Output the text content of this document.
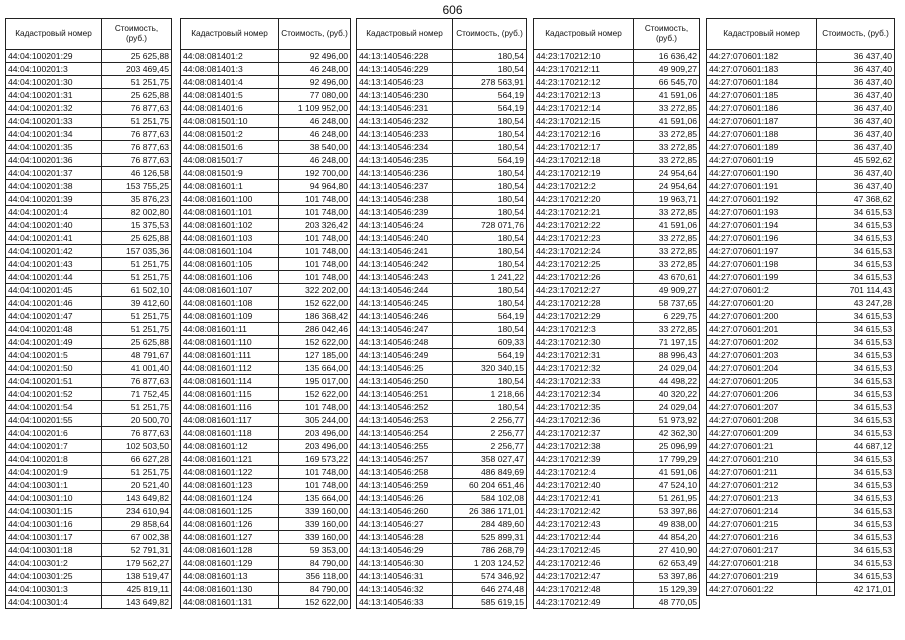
606
Кадастровый номер	Стоимость, (руб.)
44:04:100201:29	25 625,88
44:04:100201:3	203 469,45
44:04:100201:30	51 251,75
44:04:100201:31	25 625,88
44:04:100201:32	76 877,63
44:04:100201:33	51 251,75
44:04:100201:34	76 877,63
44:04:100201:35	76 877,63
44:04:100201:36	76 877,63
44:04:100201:37	46 126,58
44:04:100201:38	153 755,25
44:04:100201:39	35 876,23
44:04:100201:4	82 002,80
44:04:100201:40	15 375,53
44:04:100201:41	25 625,88
44:04:100201:42	157 035,36
44:04:100201:43	51 251,75
44:04:100201:44	51 251,75
44:04:100201:45	61 502,10
44:04:100201:46	39 412,60
44:04:100201:47	51 251,75
44:04:100201:48	51 251,75
44:04:100201:49	25 625,88
44:04:100201:5	48 791,67
44:04:100201:50	41 001,40
44:04:100201:51	76 877,63
44:04:100201:52	71 752,45
44:04:100201:54	51 251,75
44:04:100201:55	20 500,70
44:04:100201:6	76 877,63
44:04:100201:7	102 503,50
44:04:100201:8	66 627,28
44:04:100201:9	51 251,75
44:04:100301:1	20 521,40
44:04:100301:10	143 649,82
44:04:100301:15	234 610,94
44:04:100301:16	29 858,64
44:04:100301:17	67 002,38
44:04:100301:18	52 791,31
44:04:100301:2	179 562,27
44:04:100301:25	138 519,47
44:04:100301:3	425 819,11
44:04:100301:4	143 649,82
Кадастровый номер	Стоимость, (руб.)
44:08:081401:2	92 496,00
44:08:081401:3	46 248,00
44:08:081401:4	92 496,00
44:08:081401:5	77 080,00
44:08:081401:6	1 109 952,00
44:08:081501:10	46 248,00
44:08:081501:2	46 248,00
44:08:081501:6	38 540,00
44:08:081501:7	46 248,00
44:08:081501:9	192 700,00
44:08:081601:1	94 964,80
44:08:081601:100	101 748,00
44:08:081601:101	101 748,00
44:08:081601:102	203 326,42
44:08:081601:103	101 748,00
44:08:081601:104	101 748,00
44:08:081601:105	101 748,00
44:08:081601:106	101 748,00
44:08:081601:107	322 202,00
44:08:081601:108	152 622,00
44:08:081601:109	186 368,42
44:08:081601:11	286 042,46
44:08:081601:110	152 622,00
44:08:081601:111	127 185,00
44:08:081601:112	135 664,00
44:08:081601:114	195 017,00
44:08:081601:115	152 622,00
44:08:081601:116	101 748,00
44:08:081601:117	305 244,00
44:08:081601:118	203 496,00
44:08:081601:12	203 496,00
44:08:081601:121	169 573,22
44:08:081601:122	101 748,00
44:08:081601:123	101 748,00
44:08:081601:124	135 664,00
44:08:081601:125	339 160,00
44:08:081601:126	339 160,00
44:08:081601:127	339 160,00
44:08:081601:128	59 353,00
44:08:081601:129	84 790,00
44:08:081601:13	356 118,00
44:08:081601:130	84 790,00
44:08:081601:131	152 622,00
Кадастровый номер	Стоимость, (руб.)
44:13:140546:228	180,54
44:13:140546:229	180,54
44:13:140546:23	278 563,91
44:13:140546:230	564,19
44:13:140546:231	564,19
44:13:140546:232	180,54
44:13:140546:233	180,54
44:13:140546:234	180,54
44:13:140546:235	564,19
44:13:140546:236	180,54
44:13:140546:237	180,54
44:13:140546:238	180,54
44:13:140546:239	180,54
44:13:140546:24	728 071,76
44:13:140546:240	180,54
44:13:140546:241	180,54
44:13:140546:242	180,54
44:13:140546:243	1 241,22
44:13:140546:244	180,54
44:13:140546:245	180,54
44:13:140546:246	564,19
44:13:140546:247	180,54
44:13:140546:248	609,33
44:13:140546:249	564,19
44:13:140546:25	320 340,15
44:13:140546:250	180,54
44:13:140546:251	1 218,66
44:13:140546:252	180,54
44:13:140546:253	2 256,77
44:13:140546:254	2 256,77
44:13:140546:255	2 256,77
44:13:140546:257	358 027,47
44:13:140546:258	486 849,69
44:13:140546:259	60 204 651,46
44:13:140546:26	584 102,08
44:13:140546:260	26 386 171,01
44:13:140546:27	284 489,60
44:13:140546:28	525 899,31
44:13:140546:29	786 268,79
44:13:140546:30	1 203 124,52
44:13:140546:31	574 346,92
44:13:140546:32	646 274,48
44:13:140546:33	585 619,15
Кадастровый номер	Стоимость, (руб.)
44:23:170212:10	16 636,42
44:23:170212:11	49 909,27
44:23:170212:12	66 545,70
44:23:170212:13	41 591,06
44:23:170212:14	33 272,85
44:23:170212:15	41 591,06
44:23:170212:16	33 272,85
44:23:170212:17	33 272,85
44:23:170212:18	33 272,85
44:23:170212:19	24 954,64
44:23:170212:2	24 954,64
44:23:170212:20	19 963,71
44:23:170212:21	33 272,85
44:23:170212:22	41 591,06
44:23:170212:23	33 272,85
44:23:170212:24	33 272,85
44:23:170212:25	33 272,85
44:23:170212:26	43 670,61
44:23:170212:27	49 909,27
44:23:170212:28	58 737,65
44:23:170212:29	6 229,75
44:23:170212:3	33 272,85
44:23:170212:30	71 197,15
44:23:170212:31	88 996,43
44:23:170212:32	24 029,04
44:23:170212:33	44 498,22
44:23:170212:34	40 320,22
44:23:170212:35	24 029,04
44:23:170212:36	51 973,92
44:23:170212:37	42 362,30
44:23:170212:38	25 096,99
44:23:170212:39	17 799,29
44:23:170212:4	41 591,06
44:23:170212:40	47 524,10
44:23:170212:41	51 261,95
44:23:170212:42	53 397,86
44:23:170212:43	49 838,00
44:23:170212:44	44 854,20
44:23:170212:45	27 410,90
44:23:170212:46	62 653,49
44:23:170212:47	53 397,86
44:23:170212:48	15 129,39
44:23:170212:49	48 770,05
Кадастровый номер	Стоимость, (руб.)
44:27:070601:182	36 437,40
44:27:070601:183	36 437,40
44:27:070601:184	36 437,40
44:27:070601:185	36 437,40
44:27:070601:186	36 437,40
44:27:070601:187	36 437,40
44:27:070601:188	36 437,40
44:27:070601:189	36 437,40
44:27:070601:19	45 592,62
44:27:070601:190	36 437,40
44:27:070601:191	36 437,40
44:27:070601:192	47 368,62
44:27:070601:193	34 615,53
44:27:070601:194	34 615,53
44:27:070601:196	34 615,53
44:27:070601:197	34 615,53
44:27:070601:198	34 615,53
44:27:070601:199	34 615,53
44:27:070601:2	701 114,43
44:27:070601:20	43 247,28
44:27:070601:200	34 615,53
44:27:070601:201	34 615,53
44:27:070601:202	34 615,53
44:27:070601:203	34 615,53
44:27:070601:204	34 615,53
44:27:070601:205	34 615,53
44:27:070601:206	34 615,53
44:27:070601:207	34 615,53
44:27:070601:208	34 615,53
44:27:070601:209	34 615,53
44:27:070601:21	44 687,12
44:27:070601:210	34 615,53
44:27:070601:211	34 615,53
44:27:070601:212	34 615,53
44:27:070601:213	34 615,53
44:27:070601:214	34 615,53
44:27:070601:215	34 615,53
44:27:070601:216	34 615,53
44:27:070601:217	34 615,53
44:27:070601:218	34 615,53
44:27:070601:219	34 615,53
44:27:070601:22	42 171,01
